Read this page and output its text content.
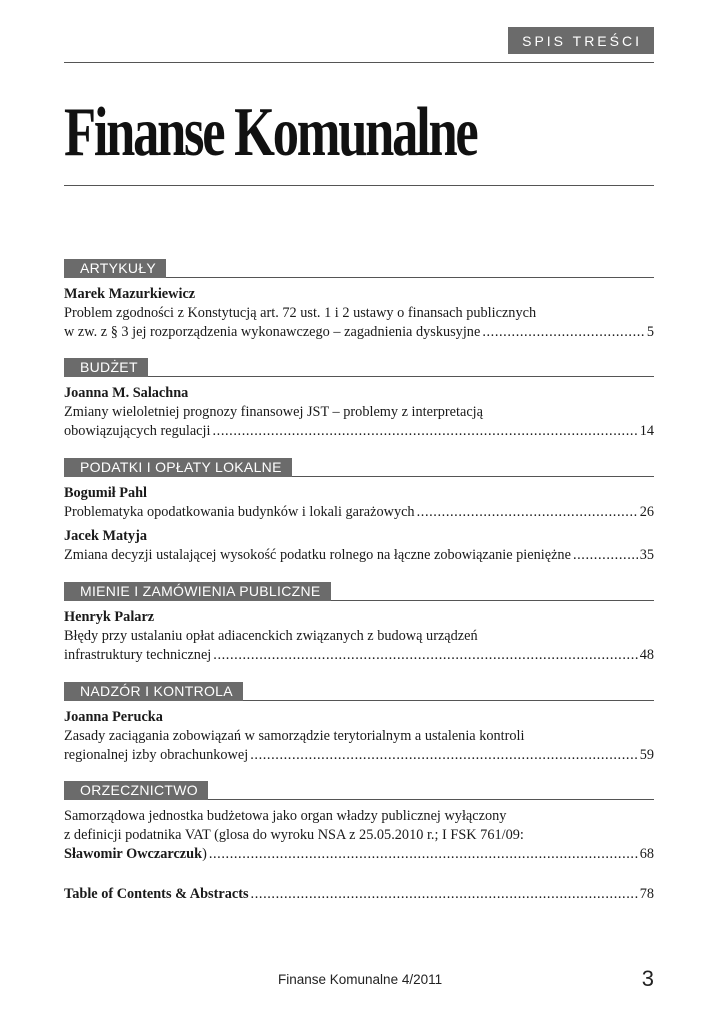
SPIS TREŚCI
Finanse Komunalne
ARTYKUŁY
Marek Mazurkiewicz
Problem zgodności z Konstytucją art. 72 ust. 1 i 2 ustawy o finansach publicznych
w zw. z § 3 jej rozporządzenia wykonawczego – zagadnienia dyskusyjne .....	5
BUDŻET
Joanna M. Salachna
Zmiany wieloletniej prognozy finansowej JST – problemy z interpretacją
obowiązujących regulacji .....	14
PODATKI I OPŁATY LOKALNE
Bogumił Pahl
Problematyka opodatkowania budynków i lokali garażowych .....	26
Jacek Matyja
Zmiana decyzji ustalającej wysokość podatku rolnego na łączne zobowiązanie pieniężne .....	35
MIENIE I ZAMÓWIENIA PUBLICZNE
Henryk Palarz
Błędy przy ustalaniu opłat adiacenckich związanych z budową urządzeń
infrastruktury technicznej .....	48
NADZÓR I KONTROLA
Joanna Perucka
Zasady zaciągania zobowiązań w samorządzie terytorialnym a ustalenia kontroli
regionalnej izby obrachunkowej .....	59
ORZECZNICTWO
Samorządowa jednostka budżetowa jako organ władzy publicznej wyłączony
z definicji podatnika VAT (glosa do wyroku NSA z 25.05.2010 r.; I FSK 761/09:
Sławomir Owczarczuk) .....	68
Table of Contents & Abstracts .....	78
Finanse Komunalne 4/2011	3
